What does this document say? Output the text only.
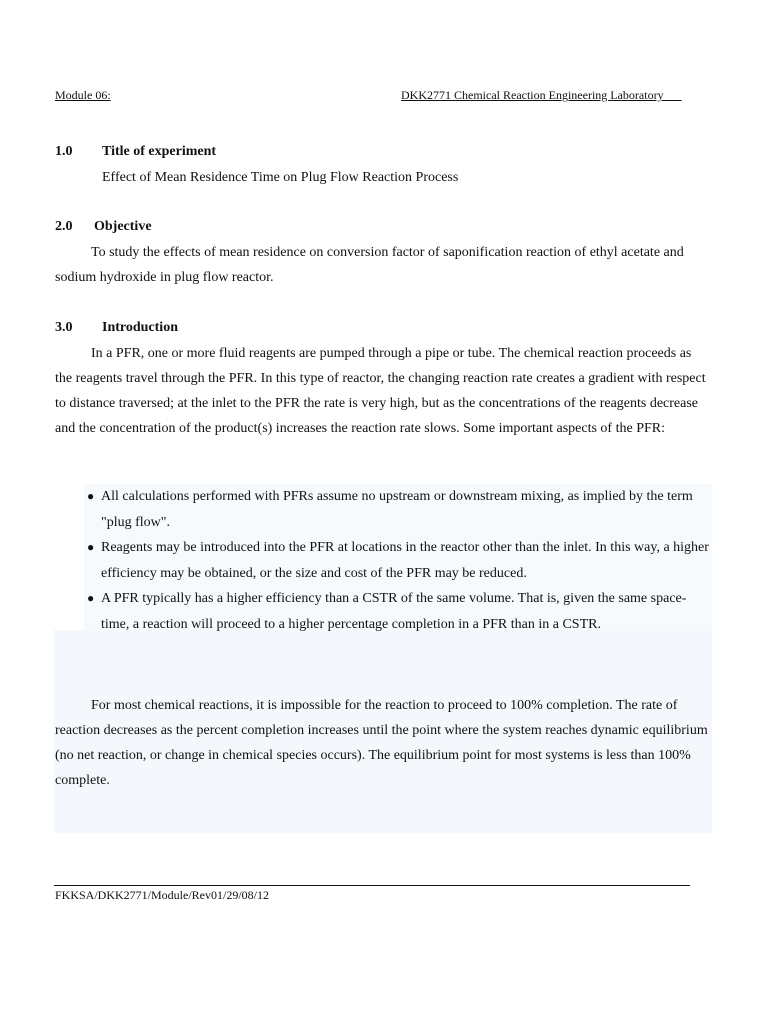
Module 06:	DKK2771 Chemical Reaction Engineering Laboratory
1.0 Title of experiment
Effect of Mean Residence Time on Plug Flow Reaction Process
2.0 Objective
To study the effects of mean residence on conversion factor of saponification reaction of ethyl acetate and sodium hydroxide in plug flow reactor.
3.0 Introduction
In a PFR, one or more fluid reagents are pumped through a pipe or tube. The chemical reaction proceeds as the reagents travel through the PFR. In this type of reactor, the changing reaction rate creates a gradient with respect to distance traversed; at the inlet to the PFR the rate is very high, but as the concentrations of the reagents decrease and the concentration of the product(s) increases the reaction rate slows. Some important aspects of the PFR:
● All calculations performed with PFRs assume no upstream or downstream mixing, as implied by the term "plug flow".
● Reagents may be introduced into the PFR at locations in the reactor other than the inlet. In this way, a higher efficiency may be obtained, or the size and cost of the PFR may be reduced.
● A PFR typically has a higher efficiency than a CSTR of the same volume. That is, given the same space-time, a reaction will proceed to a higher percentage completion in a PFR than in a CSTR.
For most chemical reactions, it is impossible for the reaction to proceed to 100% completion. The rate of reaction decreases as the percent completion increases until the point where the system reaches dynamic equilibrium (no net reaction, or change in chemical species occurs). The equilibrium point for most systems is less than 100% complete.
FKKSA/DKK2771/Module/Rev01/29/08/12
